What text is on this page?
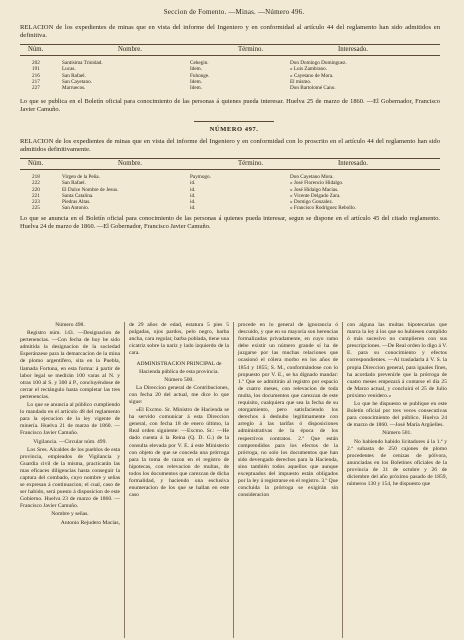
Seccion de Fomento. —Minas. —Número 496.
RELACION de los expedientes de minas que en vista del informe del Ingeniero y en conformidad al artículo 44 del reglamento han sido admitidos en definitiva.
Núm.	Nombre.	Término.	Interesado.
202	Santísima Trinidad.	Cehegin.	Don Domingo Dominguez.
191	Lucas.	Idem.	» Luis Zambrano.
216	San Rafael.	Fuhonge.	» Cayetano de Mora.
217	San Cayetano.	Idem.	El mismo.
227	Marruecos.	Idem.	Don Bartolomé Cano.
Lo que se publica en el Boletín oficial para conocimiento de las personas á quienes pueda interesar. Huelva 25 de marzo de 1860. —El Gobernador, Francisco Javier Camuño.
NÚMERO 497.
RELACION de los expedientes de minas que en vista del informe del Ingeniero y en conformidad con lo proscrito en el artículo 44 del reglamento han sido admitidos definitivamente.
Núm.	Nombre.	Término.	Interesado.
218	Virgen de la Peña.	Paymogo.	Don Cayetano Mora.
222	San Rafael.	id.	» José Florencio Hidalgo.
220	El Dulce Nombre de Jesus.	id.	» José Hidalgo Macías.
221	Santa Catalina.	id.	» Vicente Delgado Zara.
223	Piedras Altas.	id.	» Domigo Gonzalez.
225	San Antonio.	id.	» Francisco Rodriguez Rebollo.
Lo que se anuncia en el Boletín oficial para conocimiento de las personas á quienes pueda interesar, segun se dispone en el artículo 45 del citado reglamento. Huelva 24 de marzo de 1860. —El Gobernador, Francisco Javier Camuño.

Número 498.

Registro núm. 143. —Designacion de pertenencias. —Con fecha de hoy he sido admitida la designacion de la sociedad Esperánzese para la demarcacion de la mina de plomo argentífero, sita en la Puebla, llamada Fortuna, en esta forma: á partir de labor legal se medirán 100 varas al N. y otras 100 al S. y 300 á P., concluyéndose de cerrar el rectángulo hasta completar las tres pertenencias.

Lo que se anuncia al público cumpliendo lo mandado en el artículo 48 del reglamento para la ejecucion de la ley vigente de minería. Huelva 21 de marzo de 1860. —Francisco Javier Camuño.

Vigilancia. —Circular núm. 499.

Los Sres. Alcaldes de los pueblos de esta provincia, empleados de Vigilancia y Guardia civil de la misma, practicarán las mas eficaces diligencias hasta conseguir la captura del combado, cuyo nombre y señas se expresan á continuacion; el cual, caso de ser habido, será puesto á disposicion de este Gobierno. Huelva 23 de marzo de 1860. —Francisco Javier Camuño.

Nombre y señas.

Antonio Rejudero Macías,

de 29 años de edad, estatura 5 pies 5 pulgadas, ojos pardos, pelo negro, barba ancha, cara regular, barba poblada, tiene una cicatriz sobre la nariz y lado izquierdo de la cara.

ADMINISTRACION PRINCIPAL de Hacienda pública de esta provincia.

Número 500.

La Direccion general de Contribuciones, con fecha 20 del actual, me dice lo que sigue:

«El Excmo. Sr. Ministro de Hacienda se ha servido comunicar á esta Direccion general, con fecha 18 de enero último, la Real orden siguiente: —Excmo. Sr.: —He dado cuenta á la Reina (Q. D. G.) de la consulta elevada por V. E. á este Ministerio con objeto de que se conceda una prórroga para la toma de razon en el registro de hipotecas, con relevacion de multas, de todos los documentos que carezcan de dicha formalidad, y haciendo una esclusiva enumeracion de los que se hallan en este caso

procede en lo general de ignorancia ó descuido, y que en su mayoría son herencias formalizadas privadamente, en cuyo ramo debe existir un número grande sí ha de juzgarse por las muchas relaciones que ocasionó el cólera morbo en los años de 1854 y 1855; S. M., conformándose con lo propuesto por V. E., se ha dignado mandar: 1.º Que se admitirán al registro por espacio de cuatro meses, con relevacion de toda multa, los documentos que carezcan de este requisito, cualquiera que sea la fecha de su otorgamiento, pero satisfaciendo los derechos á deshubo legítimamente con arreglo á las tarifas ó disposiciones administrativas de la época de los respectivos contratos. 2.º Que están comprendidos para los efectos de la prórroga, no solo los documentos que han sido devengado derechos para la Hacienda, sino también todos aquellos que aunque exceptuados del impuesto están obligados por la ley á registrarse en el registro. 3.º Que concluida la prórroga se exigirán sin consideracion

con alguna las multas hipotecarias que marca la ley á los que no hubiesen cumplido ó más sucesivo no cumplieren con sus prescripciones. —De Real orden lo digo á V. E. para su conocimiento y efectos correspondientes. —Al trasladarla á V. S. la propia Direccion general, para iguales fines, ha acordado prevenirle que la prórroga de cuatro meses empezará á contarse el dia 25 de Marzo actual, y concluirá el 25 de Julio próximo venidero.»

Lo que he dispuesto se publique en este Boletín oficial por tres veces consecutivas para conocimiento del público. Huelva 24 de marzo de 1860. —José María Argüelles.

Número 501.

No habiendo habido licitadores á la 1.ª y 2.ª subasta de 250 cajones de plomo procedentes de cenizas de pólvora, anunciadas en los Boletines oficiales de la provincia de 31 de octubre y 26 de diciembre del año próximo pasado de 1859, números 130 y 154, he dispuesto que
